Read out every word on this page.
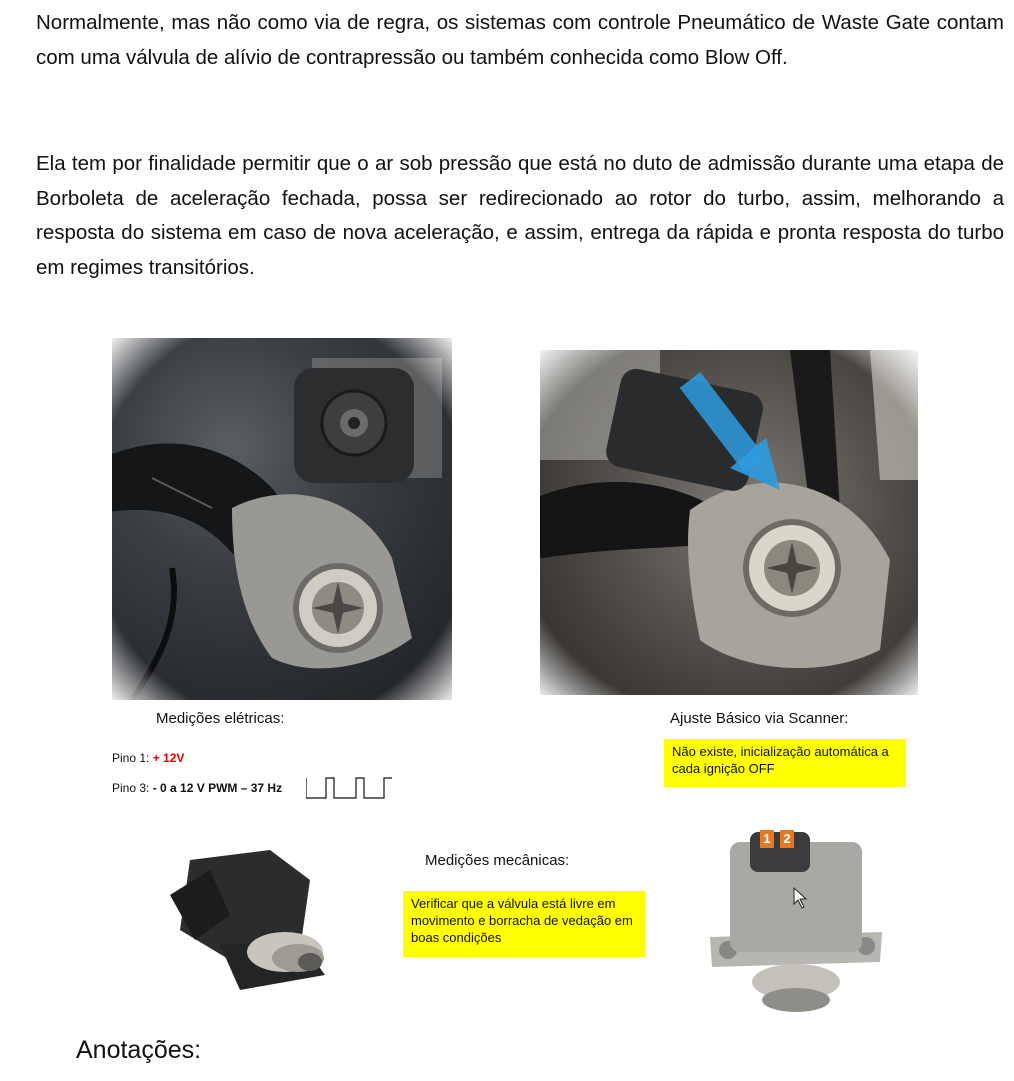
Normalmente, mas não como via de regra, os sistemas com controle Pneumático de Waste Gate contam com uma válvula de alívio de contrapressão ou também conhecida como Blow Off.

Ela tem por finalidade permitir que o ar sob pressão que está no duto de admissão durante uma etapa de Borboleta de aceleração fechada, possa ser redirecionado ao rotor do turbo, assim, melhorando a resposta do sistema em caso de nova aceleração, e assim, entrega da rápida e pronta resposta do turbo em regimes transitórios.

Medições elétricas:	Ajuste Básico via Scanner:
Pino 1: + 12V
Pino 3: - 0 a 12 V PWM – 37 Hz
Não existe, inicialização automática a cada ignição OFF
Medições mecânicas:
Verificar que a válvula está livre em movimento e borracha de vedação em boas condições
1 2
Anotações:
